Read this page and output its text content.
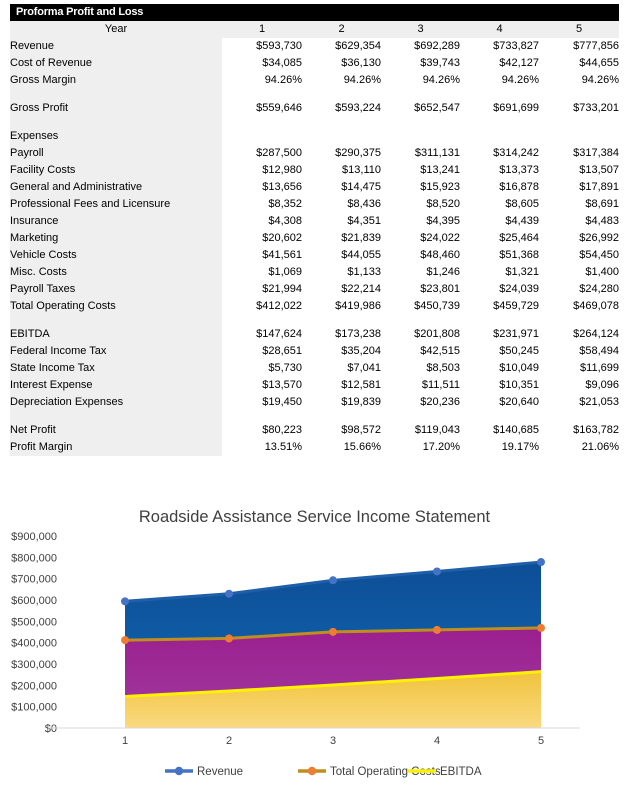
Proforma Profit and Loss
Year	1	2	3	4	5
Revenue	$593,730	$629,354	$692,289	$733,827	$777,856
Cost of Revenue	$34,085	$36,130	$39,743	$42,127	$44,655
Gross Margin	94.26%	94.26%	94.26%	94.26%	94.26%

Gross Profit	$559,646	$593,224	$652,547	$691,699	$733,201

Expenses					
Payroll	$287,500	$290,375	$311,131	$314,242	$317,384
Facility Costs	$12,980	$13,110	$13,241	$13,373	$13,507
General and Administrative	$13,656	$14,475	$15,923	$16,878	$17,891
Professional Fees and Licensure	$8,352	$8,436	$8,520	$8,605	$8,691
Insurance	$4,308	$4,351	$4,395	$4,439	$4,483
Marketing	$20,602	$21,839	$24,022	$25,464	$26,992
Vehicle Costs	$41,561	$44,055	$48,460	$51,368	$54,450
Misc. Costs	$1,069	$1,133	$1,246	$1,321	$1,400
Payroll Taxes	$21,994	$22,214	$23,801	$24,039	$24,280
Total Operating Costs	$412,022	$419,986	$450,739	$459,729	$469,078

EBITDA	$147,624	$173,238	$201,808	$231,971	$264,124
Federal Income Tax	$28,651	$35,204	$42,515	$50,245	$58,494
State Income Tax	$5,730	$7,041	$8,503	$10,049	$11,699
Interest Expense	$13,570	$12,581	$11,511	$10,351	$9,096
Depreciation Expenses	$19,450	$19,839	$20,236	$20,640	$21,053

Net Profit	$80,223	$98,572	$119,043	$140,685	$163,782
Profit Margin	13.51%	15.66%	17.20%	19.17%	21.06%
Roadside Assistance Service Income Statement
$900,000
$800,000
$700,000
$600,000
$500,000
$400,000
$300,000
$200,000
$100,000
$0
1	2	3	4	5
Revenue	Total Operating Costs EBITDA
